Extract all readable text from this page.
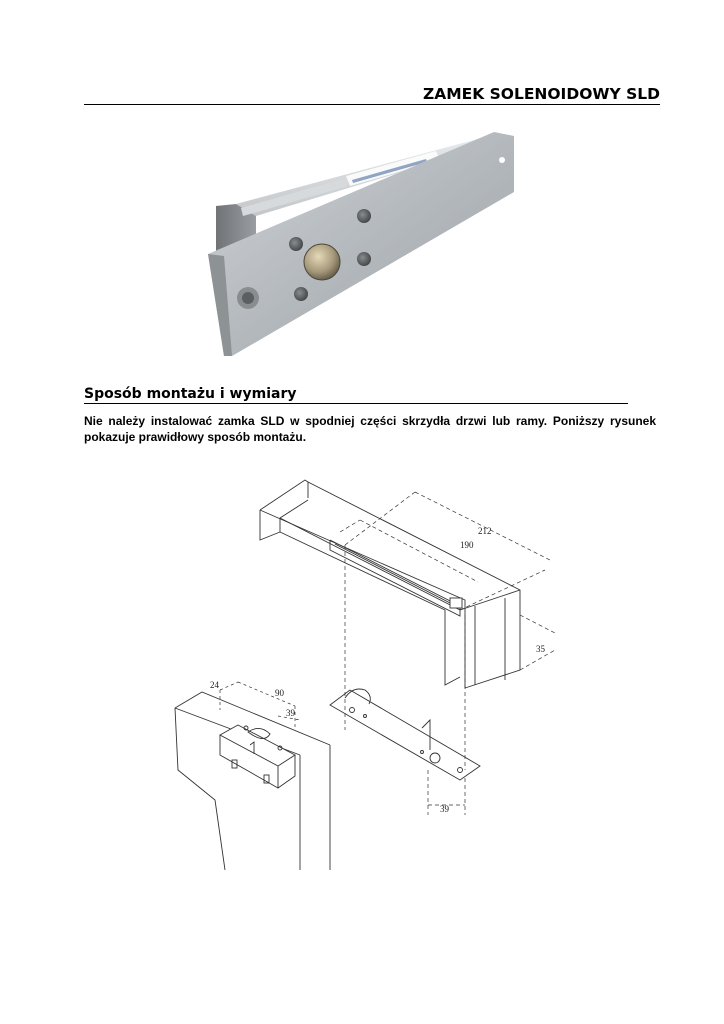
ZAMEK SOLENOIDOWY SLD
Sposób montażu i wymiary
Nie należy instalować zamka SLD w spodniej części skrzydła drzwi lub ramy. Poniższy rysunek pokazuje prawidłowy sposób montażu.
212
190
35
39
24
90
39
